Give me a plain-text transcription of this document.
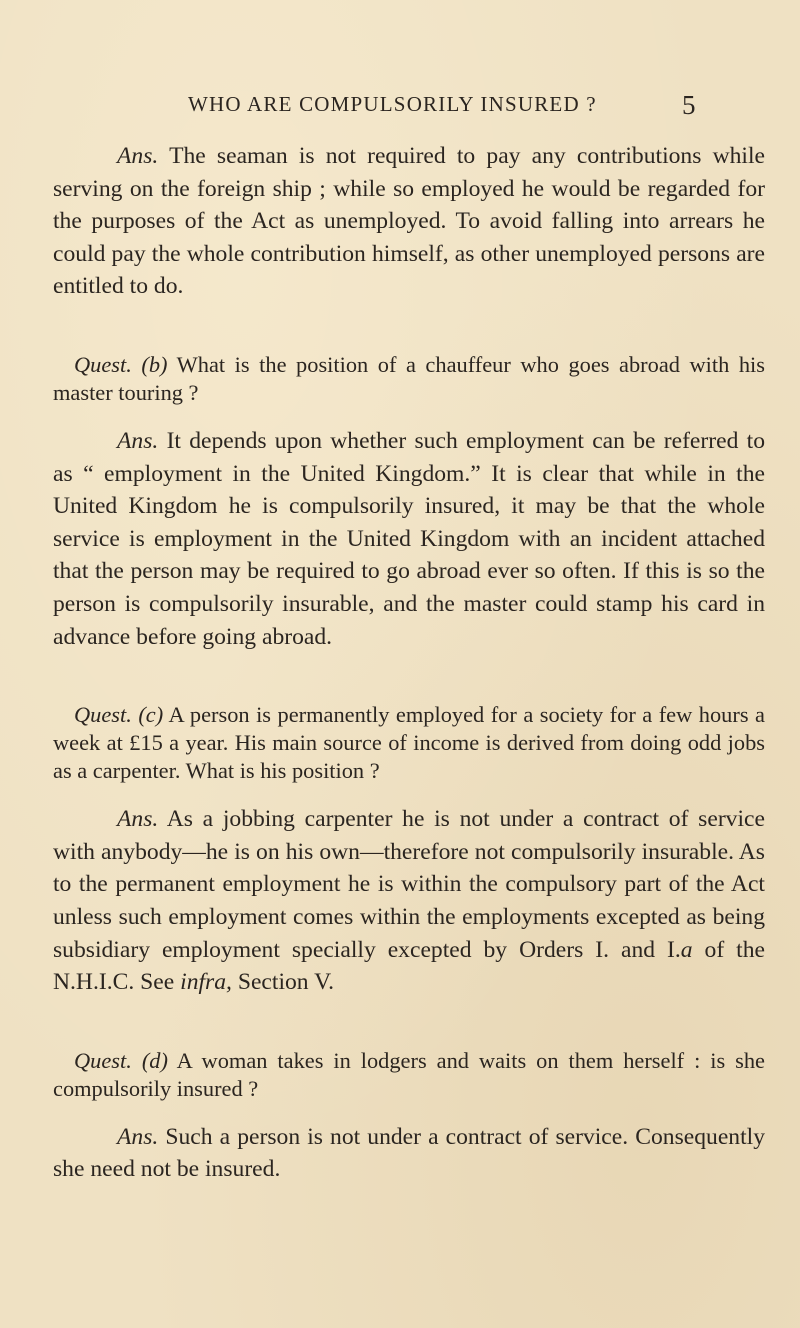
WHO ARE COMPULSORILY INSURED ?	5

Ans. The seaman is not required to pay any contributions while serving on the foreign ship ; while so employed he would be regarded for the purposes of the Act as unemployed. To avoid falling into arrears he could pay the whole contribution himself, as other unemployed persons are entitled to do.

Quest. (b) What is the position of a chauffeur who goes abroad with his master touring ?

Ans. It depends upon whether such employment can be referred to as “ employment in the United Kingdom.” It is clear that while in the United Kingdom he is compulsorily insured, it may be that the whole service is employment in the United Kingdom with an incident attached that the person may be required to go abroad ever so often. If this is so the person is compulsorily insurable, and the master could stamp his card in advance before going abroad.

Quest. (c) A person is permanently employed for a society for a few hours a week at £15 a year. His main source of income is derived from doing odd jobs as a carpenter. What is his position ?

Ans. As a jobbing carpenter he is not under a contract of service with anybody—he is on his own—therefore not compulsorily insurable. As to the permanent employment he is within the compulsory part of the Act unless such employment comes within the employments excepted as being subsidiary employment specially excepted by Orders I. and I.a of the N.H.I.C. See infra, Section V.

Quest. (d) A woman takes in lodgers and waits on them herself : is she compulsorily insured ?

Ans. Such a person is not under a contract of service. Consequently she need not be insured.
